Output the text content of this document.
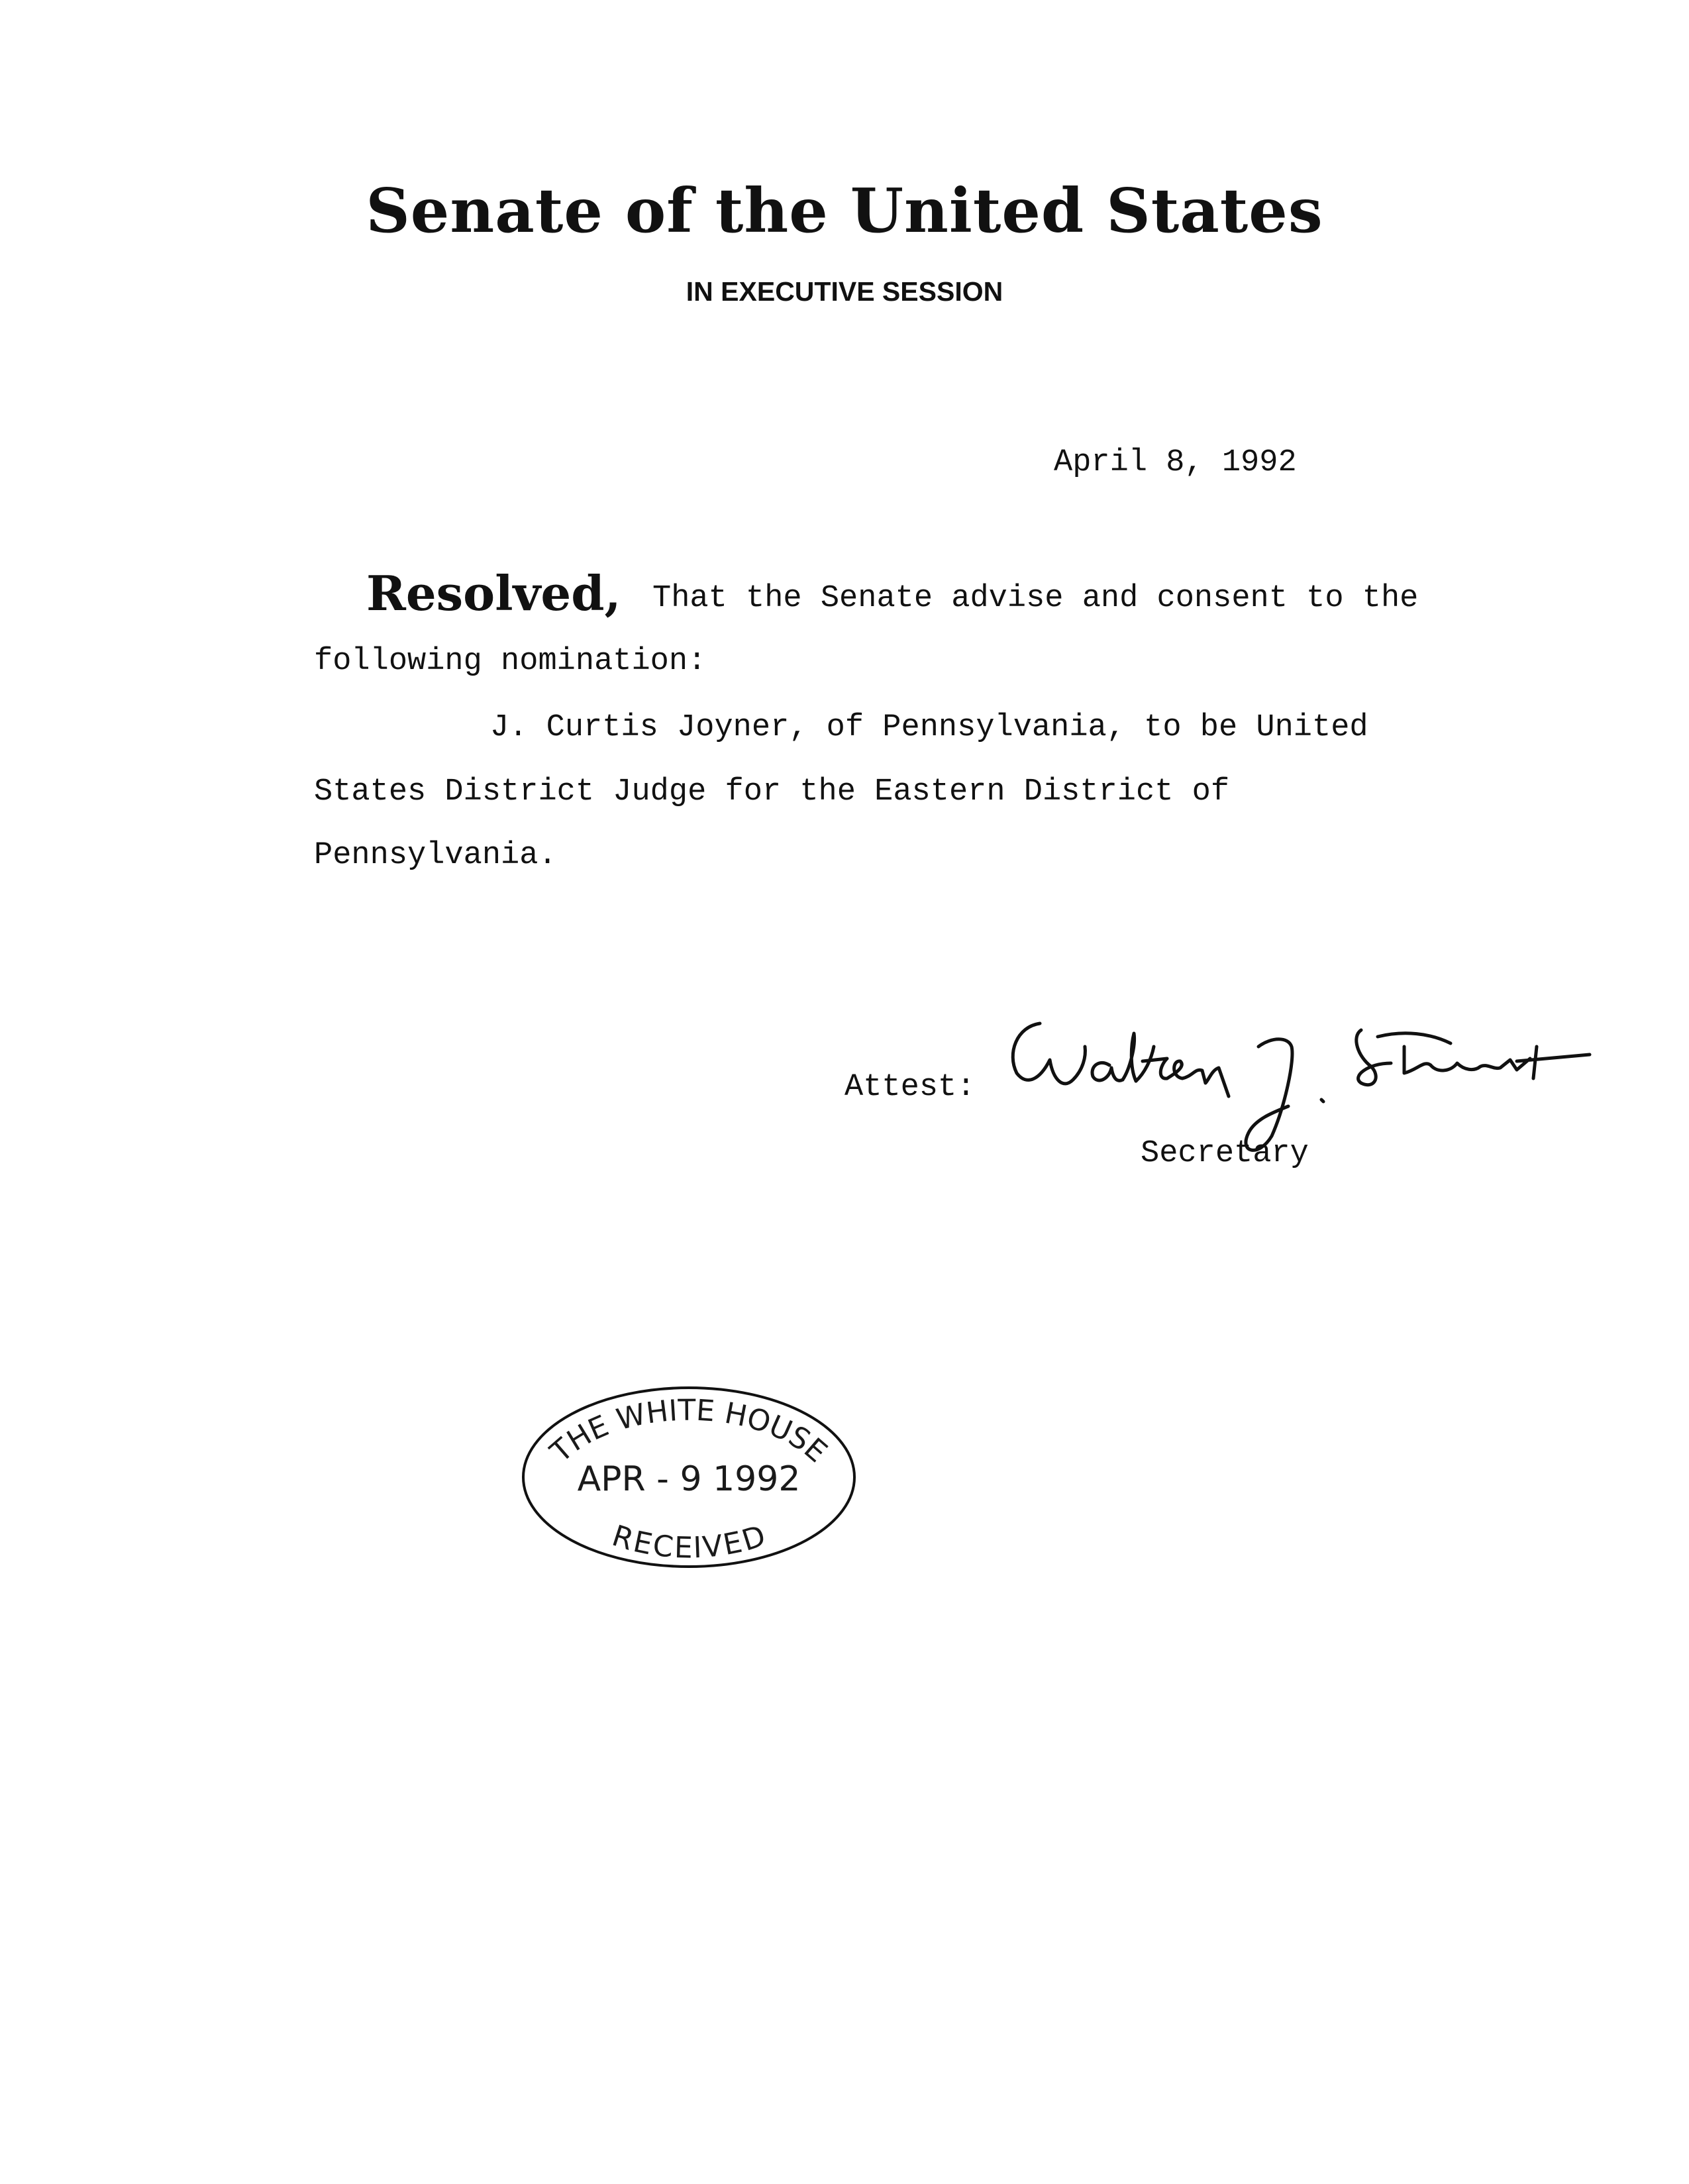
Senate of the United States
IN EXECUTIVE SESSION
April 8, 1992
Resolved, That the Senate advise and consent to the
following nomination:
J. Curtis Joyner, of Pennsylvania, to be United
States District Judge for the Eastern District of
Pennsylvania.
Attest:
Secretary
THE WHITE HOUSE
APR - 9 1992
RECEIVED
